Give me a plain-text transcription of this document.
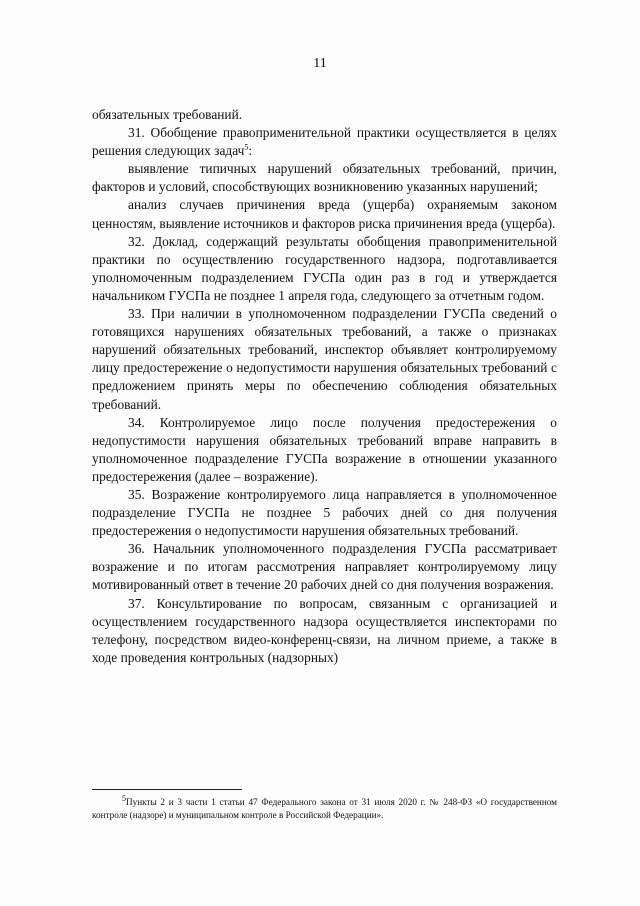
11

обязательных требований.

31. Обобщение правоприменительной практики осуществляется в целях решения следующих задач$^5$:

выявление типичных нарушений обязательных требований, причин, факторов и условий, способствующих возникновению указанных нарушений;

анализ случаев причинения вреда (ущерба) охраняемым законом ценностям, выявление источников и факторов риска причинения вреда (ущерба).

32. Доклад, содержащий результаты обобщения правоприменительной практики по осуществлению государственного надзора, подготавливается уполномоченным подразделением ГУСПа один раз в год и утверждается начальником ГУСПа не позднее 1 апреля года, следующего за отчетным годом.

33. При наличии в уполномоченном подразделении ГУСПа сведений о готовящихся нарушениях обязательных требований, а также о признаках нарушений обязательных требований, инспектор объявляет контролируемому лицу предостережение о недопустимости нарушения обязательных требований с предложением принять меры по обеспечению соблюдения обязательных требований.

34. Контролируемое лицо после получения предостережения о недопустимости нарушения обязательных требований вправе направить в уполномоченное подразделение ГУСПа возражение в отношении указанного предостережения (далее – возражение).

35. Возражение контролируемого лица направляется в уполномоченное подразделение ГУСПа не позднее 5 рабочих дней со дня получения предостережения о недопустимости нарушения обязательных требований.

36. Начальник уполномоченного подразделения ГУСПа рассматривает возражение и по итогам рассмотрения направляет контролируемому лицу мотивированный ответ в течение 20 рабочих дней со дня получения возражения.

37. Консультирование по вопросам, связанным с организацией и осуществлением государственного надзора осуществляется инспекторами по телефону, посредством видео-конференц-связи, на личном приеме, а также в ходе проведения контрольных (надзорных)

$^5$Пункты 2 и 3 части 1 статьи 47 Федерального закона от 31 июля 2020 г. № 248-ФЗ «О государственном контроле (надзоре) и муниципальном контроле в Российской Федерации».
